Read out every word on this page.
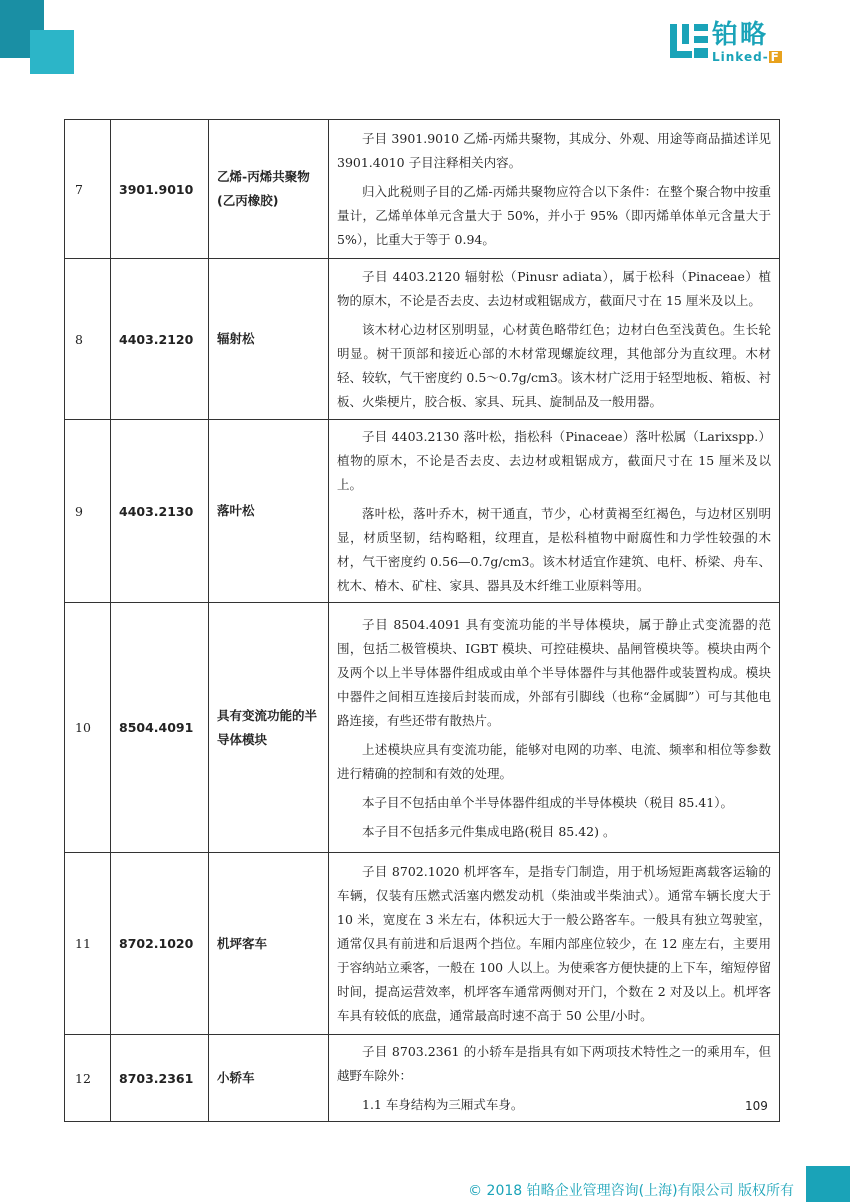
铂略
Linked- F
7	3901.9010	乙烯-丙烯共聚物(乙丙橡胶)	子目 3901.9010 乙烯-丙烯共聚物，其成分、外观、用途等商品描述详见 3901.4010 子目注释相关内容。

归入此税则子目的乙烯-丙烯共聚物应符合以下条件：在整个聚合物中按重量计，乙烯单体单元含量大于 50%，并小于 95%（即丙烯单体单元含量大于 5%），比重大于等于 0.94。

8	4403.2120	辐射松	子目 4403.2120 辐射松（Pinusr adiata），属于松科（Pinaceae）植物的原木，不论是否去皮、去边材或粗锯成方，截面尺寸在 15 厘米及以上。

该木材心边材区别明显，心材黄色略带红色；边材白色至浅黄色。生长轮明显。树干顶部和接近心部的木材常现螺旋纹理，其他部分为直纹理。木材轻、较软，气干密度约 0.5～0.7g/cm3。该木材广泛用于轻型地板、箱板、衬板、火柴梗片，胶合板、家具、玩具、旋制品及一般用器。

9	4403.2130	落叶松	子目 4403.2130 落叶松，指松科（Pinaceae）落叶松属（Larixspp.）植物的原木，不论是否去皮、去边材或粗锯成方，截面尺寸在 15 厘米及以上。

落叶松，落叶乔木，树干通直，节少，心材黄褐至红褐色，与边材区别明显，材质坚韧，结构略粗，纹理直，是松科植物中耐腐性和力学性较强的木材，气干密度约 0.56—0.7g/cm3。该木材适宜作建筑、电杆、桥梁、舟车、枕木、椿木、矿柱、家具、器具及木纤维工业原料等用。

10	8504.4091	具有变流功能的半导体模块	子目 8504.4091 具有变流功能的半导体模块，属于静止式变流器的范围，包括二极管模块、IGBT 模块、可控硅模块、晶闸管模块等。模块由两个及两个以上半导体器件组成或由单个半导体器件与其他器件或装置构成。模块中器件之间相互连接后封装而成，外部有引脚线（也称“金属脚”）可与其他电路连接，有些还带有散热片。

上述模块应具有变流功能，能够对电网的功率、电流、频率和相位等参数进行精确的控制和有效的处理。

本子目不包括由单个半导体器件组成的半导体模块（税目 85.41）。

本子目不包括多元件集成电路(税目 85.42) 。

11	8702.1020	机坪客车	子目 8702.1020 机坪客车，是指专门制造，用于机场短距离载客运输的车辆，仅装有压燃式活塞内燃发动机（柴油或半柴油式）。通常车辆长度大于 10 米，宽度在 3 米左右，体积远大于一般公路客车。一般具有独立驾驶室，通常仅具有前进和后退两个挡位。车厢内部座位较少，在 12 座左右，主要用于容纳站立乘客，一般在 100 人以上。为使乘客方便快捷的上下车，缩短停留时间，提高运营效率，机坪客车通常两侧对开门，个数在 2 对及以上。机坪客车具有较低的底盘，通常最高时速不高于 50 公里/小时。

12	8703.2361	小轿车	子目 8703.2361 的小轿车是指具有如下两项技术特性之一的乘用车，但越野车除外：

1.1 车身结构为三厢式车身。	109
© 2018 铂略企业管理咨询(上海)有限公司 版权所有
